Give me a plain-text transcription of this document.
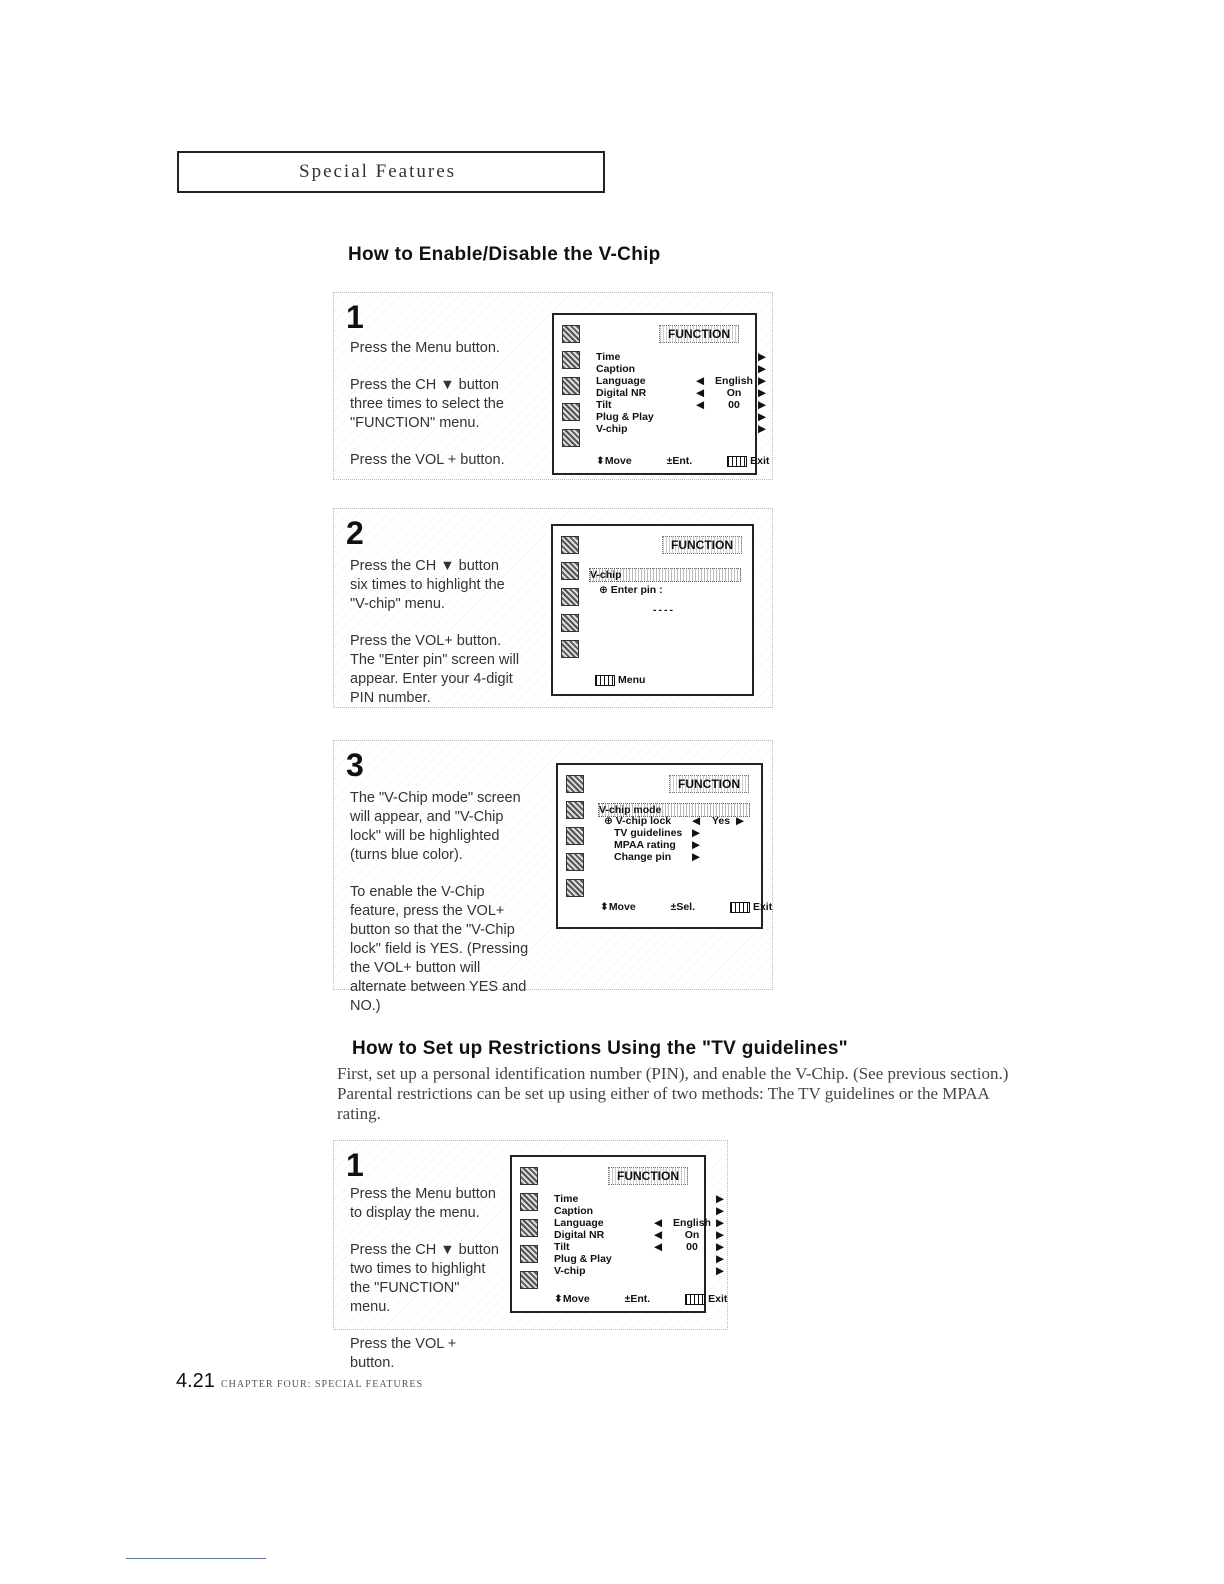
Special Features
How to Enable/Disable the V-Chip
1

Press the Menu button.

Press the CH ▼ button three times to select the "FUNCTION" menu.

Press the VOL + button.

FUNCTION
Time	▶
Caption	▶
Language	◀ English ▶
Digital NR	◀ On ▶
Tilt	◀ 00 ▶
Plug & Play	▶
V-chip	▶
⬍Move	±Ent.	Exit
2

Press the CH ▼ button six times to highlight the "V-chip" menu.

Press the VOL+ button. The "Enter pin" screen will appear. Enter your 4-digit PIN number.

FUNCTION
V-chip
⊕ Enter pin :
----
Menu
3

The "V-Chip mode" screen will appear, and "V-Chip lock" will be highlighted (turns blue color).

To enable the V-Chip feature, press the VOL+ button so that the "V-Chip lock" field is YES. (Pressing the VOL+ button will alternate between YES and NO.)

FUNCTION
V-chip mode
⊕ V-chip lock ◀ Yes ▶
TV guidelines ▶
MPAA rating ▶
Change pin ▶
⬍Move	±Sel.	Exit
How to Set up Restrictions Using the "TV guidelines"
First, set up a personal identification number (PIN), and enable the V-Chip. (See previous section.) Parental restrictions can be set up using either of two methods: The TV guidelines or the MPAA rating.
1

Press the Menu button to display the menu.

Press the CH ▼ button two times to highlight the "FUNCTION" menu.

Press the VOL + button.

FUNCTION
Time	▶
Caption	▶
Language	◀ English ▶
Digital NR	◀ On ▶
Tilt	◀ 00 ▶
Plug & Play	▶
V-chip	▶
⬍Move	±Ent.	Exit
4.21 CHAPTER FOUR: SPECIAL FEATURES
